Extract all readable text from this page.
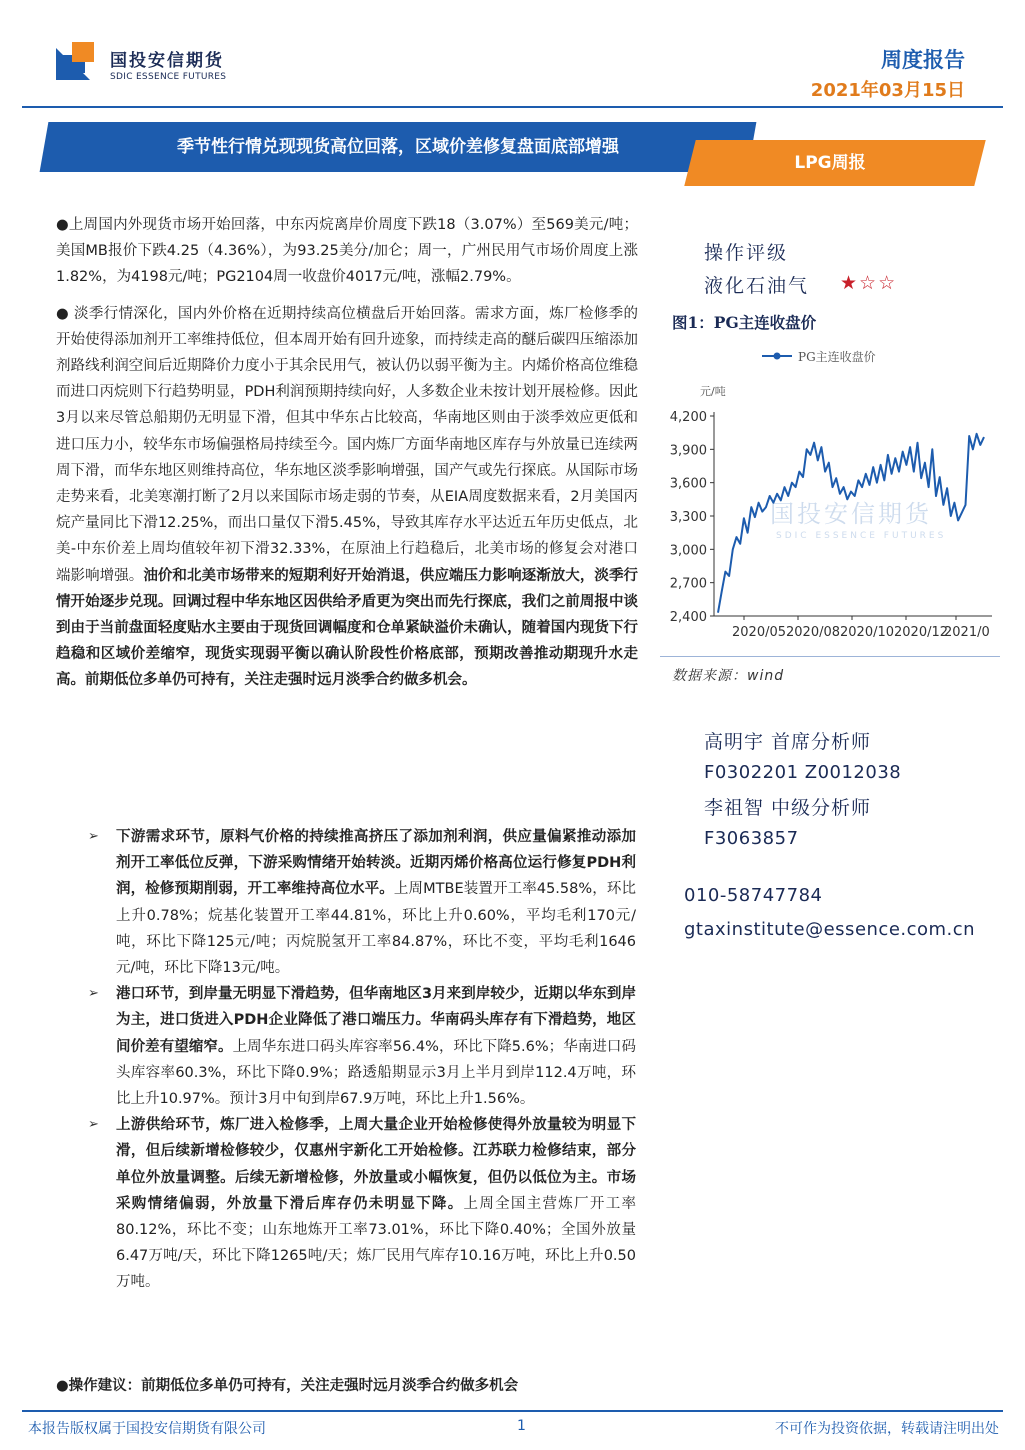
国投安信期货
SDIC ESSENCE FUTURES
周度报告
2021年03月15日
季节性行情兑现现货高位回落，区域价差修复盘面底部增强
LPG周报

●上周国内外现货市场开始回落，中东丙烷离岸价周度下跌18（3.07%）至569美元/吨；美国MB报价下跌4.25（4.36%），为93.25美分/加仑；周一，广州民用气市场价周度上涨1.82%，为4198元/吨；PG2104周一收盘价4017元/吨，涨幅2.79%。

● 淡季行情深化，国内外价格在近期持续高位横盘后开始回落。需求方面，炼厂检修季的开始使得添加剂开工率维持低位，但本周开始有回升迹象，而持续走高的醚后碳四压缩添加剂路线利润空间后近期降价力度小于其余民用气，被认仍以弱平衡为主。内烯价格高位维稳而进口丙烷则下行趋势明显，PDH利润预期持续向好，人多数企业未按计划开展检修。因此3月以来尽管总船期仍无明显下滑，但其中华东占比较高，华南地区则由于淡季效应更低和进口压力小，较华东市场偏强格局持续至今。国内炼厂方面华南地区库存与外放量已连续两周下滑，而华东地区则维持高位，华东地区淡季影响增强，国产气或先行探底。从国际市场走势来看，北美寒潮打断了2月以来国际市场走弱的节奏，从EIA周度数据来看，2月美国丙烷产量同比下滑12.25%，而出口量仅下滑5.45%，导致其库存水平达近五年历史低点，北美-中东价差上周均值较年初下滑32.33%，在原油上行趋稳后，北美市场的修复会对港口端影响增强。油价和北美市场带来的短期利好开始消退，供应端压力影响逐渐放大，淡季行情开始逐步兑现。回调过程中华东地区因供给矛盾更为突出而先行探底，我们之前周报中谈到由于当前盘面轻度贴水主要由于现货回调幅度和仓单紧缺溢价未确认，随着国内现货下行趋稳和区域价差缩窄，现货实现弱平衡以确认阶段性价格底部，预期改善推动期现升水走高。前期低位多单仍可持有，关注走强时远月淡季合约做多机会。

➢ 下游需求环节，原料气价格的持续推高挤压了添加剂利润，供应量偏紧推动添加剂开工率低位反弹，下游采购情绪开始转淡。近期丙烯价格高位运行修复PDH利润，检修预期削弱，开工率维持高位水平。上周MTBE装置开工率45.58%，环比上升0.78%；烷基化装置开工率44.81%，环比上升0.60%，平均毛利170元/吨，环比下降125元/吨；丙烷脱氢开工率84.87%，环比不变，平均毛利1646元/吨，环比下降13元/吨。
➢ 港口环节，到岸量无明显下滑趋势，但华南地区3月来到岸较少，近期以华东到岸为主，进口货进入PDH企业降低了港口端压力。华南码头库存有下滑趋势，地区间价差有望缩窄。上周华东进口码头库容率56.4%，环比下降5.6%；华南进口码头库容率60.3%，环比下降0.9%；路透船期显示3月上半月到岸112.4万吨，环比上升10.97%。预计3月中旬到岸67.9万吨，环比上升1.56%。
➢ 上游供给环节，炼厂进入检修季，上周大量企业开始检修使得外放量较为明显下滑，但后续新增检修较少，仅惠州宇新化工开始检修。江苏联力检修结束，部分单位外放量调整。后续无新增检修，外放量或小幅恢复，但仍以低位为主。市场采购情绪偏弱，外放量下滑后库存仍未明显下降。上周全国主营炼厂开工率80.12%，环比不变；山东地炼开工率73.01%，环比下降0.40%；全国外放量6.47万吨/天，环比下降1265吨/天；炼厂民用气库存10.16万吨，环比上升0.50万吨。
●操作建议：前期低位多单仍可持有，关注走强时远月淡季合约做多机会
操作评级
液化石油气 ★☆☆
图1：PG主连收盘价
PG主连收盘价
元/吨
2,400
2,700
3,000
3,300
3,600
3,900
4,200
2020/05 2020/08 2020/10 2020/12
2021/0
国投安信期货
SDIC ESSENCE FUTURES
数据来源：wind
高明宇 首席分析师
F0302201 Z0012038
李祖智 中级分析师
F3063857
010-58747784
gtaxinstitute@essence.com.cn
本报告版权属于国投安信期货有限公司	1	不可作为投资依据，转载请注明出处
